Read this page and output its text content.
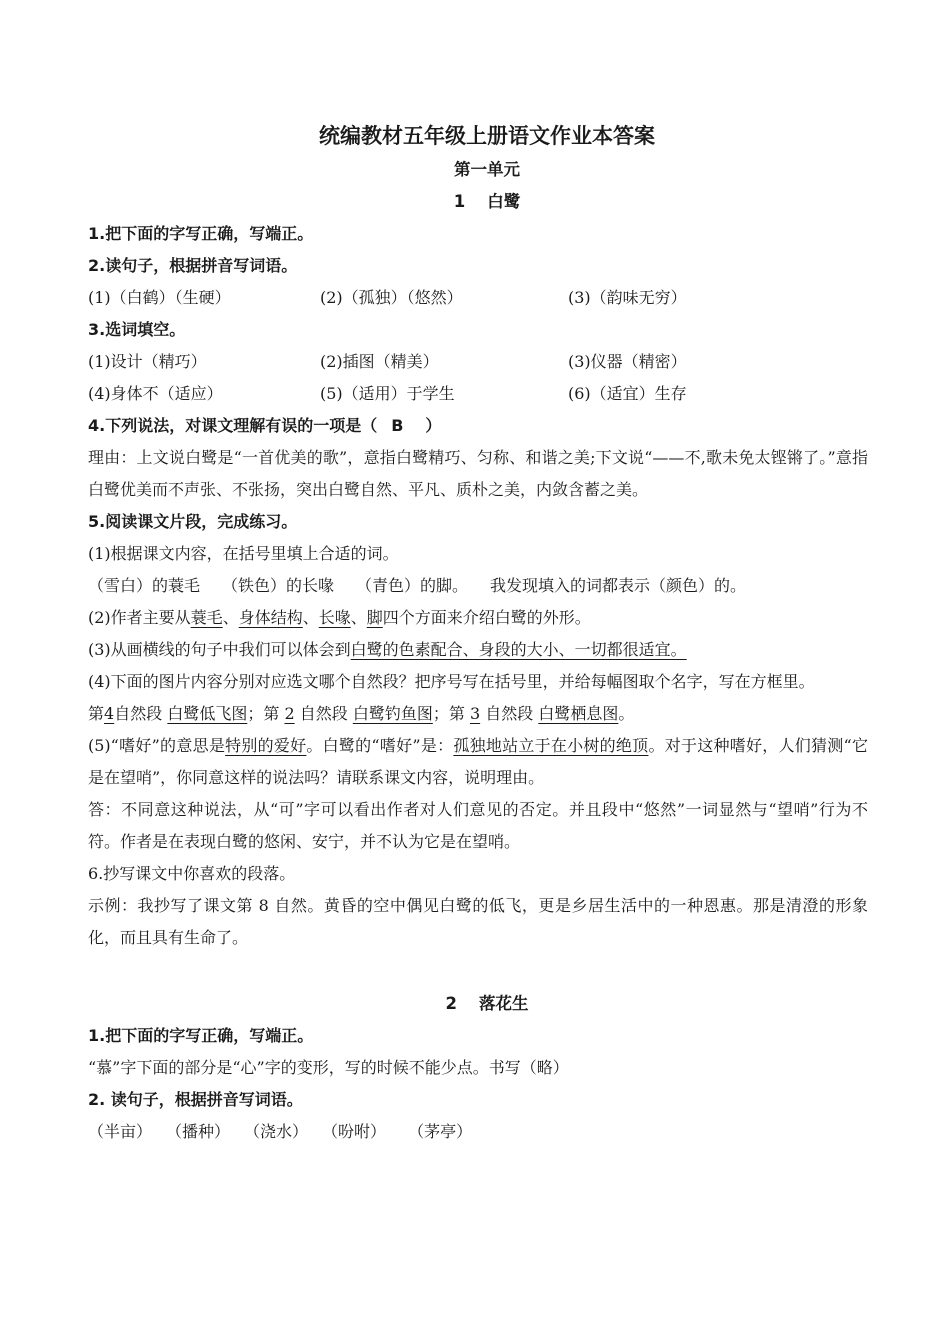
统编教材五年级上册语文作业本答案
第一单元
1 白鹭
1.把下面的字写正确，写端正。
2.读句子，根据拼音写词语。
(1)（白鹤）（生硬）	(2)（孤独）（悠然）	(3)（韵味无穷）
3.选词填空。
(1)设计（精巧）	(2)插图（精美）	(3)仪器（精密）
(4)身体不（适应）	(5)（适用）于学生	(6)（适宜）生存
4.下列说法，对课文理解有误的一项是（ B ）
理由：上文说白鹭是“一首优美的歌”，意指白鹭精巧、匀称、和谐之美;下文说“——不,歌未免太铿锵了。”意指白鹭优美而不声张、不张扬，突出白鹭自然、平凡、质朴之美，内敛含蓄之美。
5.阅读课文片段，完成练习。
(1)根据课文内容，在括号里填上合适的词。
（雪白）的蓑毛 （铁色）的长喙 （青色）的脚。 我发现填入的词都表示（颜色）的。
(2)作者主要从蓑毛、身体结构、长喙、脚四个方面来介绍白鹭的外形。
(3)从画横线的句子中我们可以体会到白鹭的色素配合、身段的大小、一切都很适宜。
(4)下面的图片内容分别对应选文哪个自然段？把序号写在括号里，并给每幅图取个名字，写在方框里。
第4自然段 白鹭低飞图；第 2 自然段 白鹭钓鱼图；第 3 自然段 白鹭栖息图。
(5)“嗜好”的意思是特别的爱好。白鹭的“嗜好”是：孤独地站立于在小树的绝顶。对于这种嗜好，人们猜测“它是在望哨”，你同意这样的说法吗？请联系课文内容，说明理由。
答：不同意这种说法，从“可”字可以看出作者对人们意见的否定。并且段中“悠然”一词显然与“望哨”行为不符。作者是在表现白鹭的悠闲、安宁，并不认为它是在望哨。
6.抄写课文中你喜欢的段落。
示例：我抄写了课文第 8 自然。黄昏的空中偶见白鹭的低飞，更是乡居生活中的一种恩惠。那是清澄的形象化，而且具有生命了。
2 落花生
1.把下面的字写正确，写端正。
“慕”字下面的部分是“心”字的变形，写的时候不能少点。书写（略）
2. 读句子，根据拼音写词语。
（半亩） （播种） （浇水） （吩咐） （茅亭）
